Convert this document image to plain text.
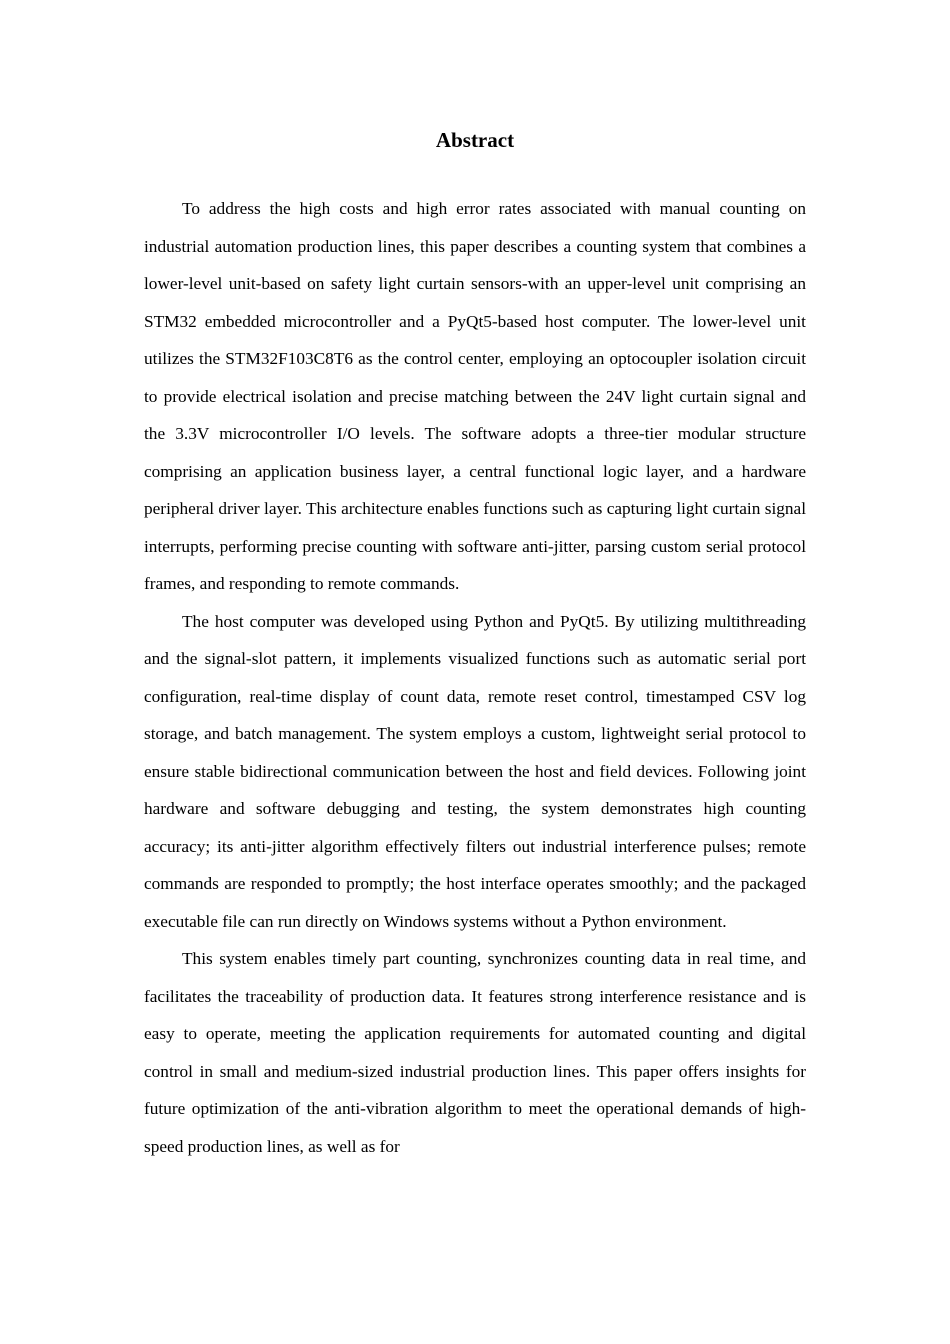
Abstract

To address the high costs and high error rates associated with manual counting on industrial automation production lines, this paper describes a counting system that combines a lower-level unit-based on safety light curtain sensors-with an upper-level unit comprising an STM32 embedded microcontroller and a PyQt5-based host computer. The lower-level unit utilizes the STM32F103C8T6 as the control center, employing an optocoupler isolation circuit to provide electrical isolation and precise matching between the 24V light curtain signal and the 3.3V microcontroller I/O levels. The software adopts a three-tier modular structure comprising an application business layer, a central functional logic layer, and a hardware peripheral driver layer. This architecture enables functions such as capturing light curtain signal interrupts, performing precise counting with software anti-jitter, parsing custom serial protocol frames, and responding to remote commands.

The host computer was developed using Python and PyQt5. By utilizing multithreading and the signal-slot pattern, it implements visualized functions such as automatic serial port configuration, real-time display of count data, remote reset control, timestamped CSV log storage, and batch management. The system employs a custom, lightweight serial protocol to ensure stable bidirectional communication between the host and field devices. Following joint hardware and software debugging and testing, the system demonstrates high counting accuracy; its anti-jitter algorithm effectively filters out industrial interference pulses; remote commands are responded to promptly; the host interface operates smoothly; and the packaged executable file can run directly on Windows systems without a Python environment.

This system enables timely part counting, synchronizes counting data in real time, and facilitates the traceability of production data. It features strong interference resistance and is easy to operate, meeting the application requirements for automated counting and digital control in small and medium-sized industrial production lines. This paper offers insights for future optimization of the anti-vibration algorithm to meet the operational demands of high-speed production lines, as well as for
